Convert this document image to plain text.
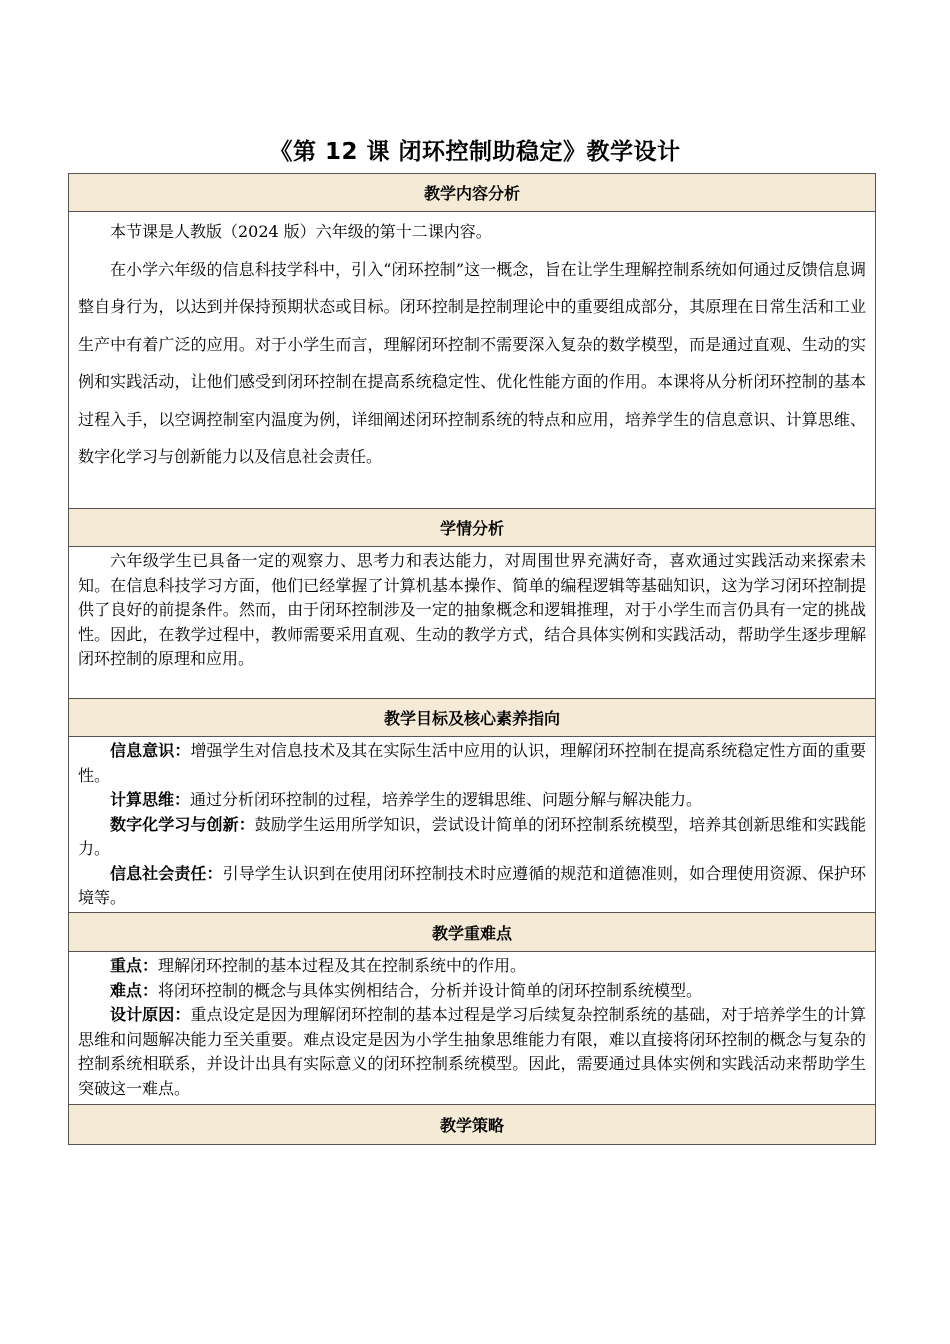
《第 12 课 闭环控制助稳定》教学设计
教学内容分析

本节课是人教版（2024 版）六年级的第十二课内容。

在小学六年级的信息科技学科中，引入“闭环控制”这一概念，旨在让学生理解控制系统如何通过反馈信息调整自身行为，以达到并保持预期状态或目标。闭环控制是控制理论中的重要组成部分，其原理在日常生活和工业生产中有着广泛的应用。对于小学生而言，理解闭环控制不需要深入复杂的数学模型，而是通过直观、生动的实例和实践活动，让他们感受到闭环控制在提高系统稳定性、优化性能方面的作用。本课将从分析闭环控制的基本过程入手，以空调控制室内温度为例，详细阐述闭环控制系统的特点和应用，培养学生的信息意识、计算思维、数字化学习与创新能力以及信息社会责任。

学情分析

六年级学生已具备一定的观察力、思考力和表达能力，对周围世界充满好奇，喜欢通过实践活动来探索未知。在信息科技学习方面，他们已经掌握了计算机基本操作、简单的编程逻辑等基础知识，这为学习闭环控制提供了良好的前提条件。然而，由于闭环控制涉及一定的抽象概念和逻辑推理，对于小学生而言仍具有一定的挑战性。因此，在教学过程中，教师需要采用直观、生动的教学方式，结合具体实例和实践活动，帮助学生逐步理解闭环控制的原理和应用。

教学目标及核心素养指向

信息意识：增强学生对信息技术及其在实际生活中应用的认识，理解闭环控制在提高系统稳定性方面的重要性。

计算思维：通过分析闭环控制的过程，培养学生的逻辑思维、问题分解与解决能力。

数字化学习与创新：鼓励学生运用所学知识，尝试设计简单的闭环控制系统模型，培养其创新思维和实践能力。

信息社会责任：引导学生认识到在使用闭环控制技术时应遵循的规范和道德准则，如合理使用资源、保护环境等。

教学重难点

重点：理解闭环控制的基本过程及其在控制系统中的作用。

难点：将闭环控制的概念与具体实例相结合，分析并设计简单的闭环控制系统模型。

设计原因：重点设定是因为理解闭环控制的基本过程是学习后续复杂控制系统的基础，对于培养学生的计算思维和问题解决能力至关重要。难点设定是因为小学生抽象思维能力有限，难以直接将闭环控制的概念与复杂的控制系统相联系，并设计出具有实际意义的闭环控制系统模型。因此，需要通过具体实例和实践活动来帮助学生突破这一难点。

教学策略
